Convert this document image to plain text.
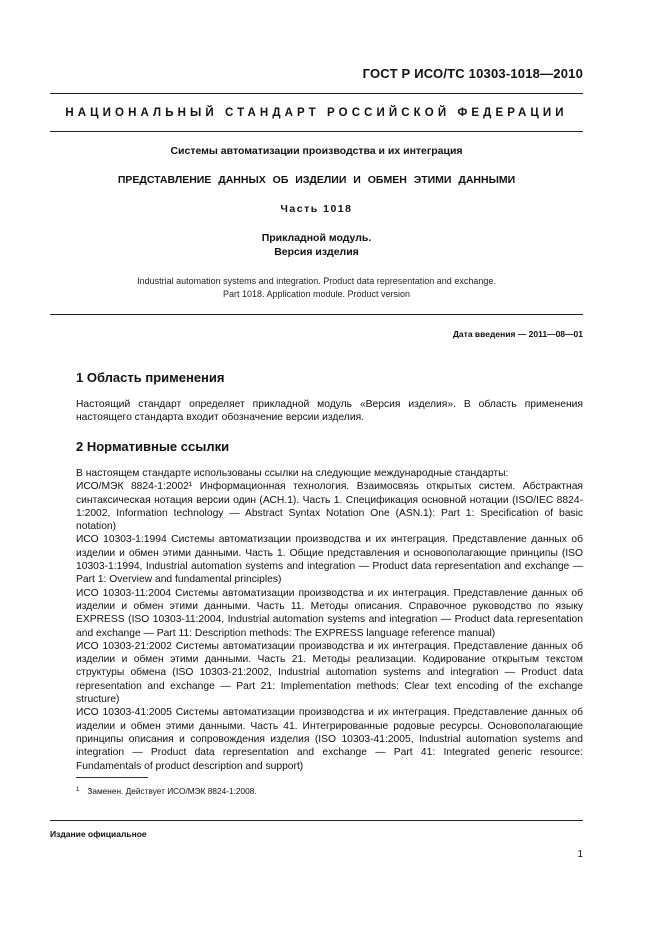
ГОСТ Р ИСО/ТС 10303-1018—2010
НАЦИОНАЛЬНЫЙ СТАНДАРТ РОССИЙСКОЙ ФЕДЕРАЦИИ
Системы автоматизации производства и их интеграция
ПРЕДСТАВЛЕНИЕ ДАННЫХ ОБ ИЗДЕЛИИ И ОБМЕН ЭТИМИ ДАННЫМИ
Часть 1018
Прикладной модуль.
Версия изделия
Industrial automation systems and integration. Product data representation and exchange.
Part 1018. Application module. Product version
Дата введения — 2011—08—01
1 Область применения

Настоящий стандарт определяет прикладной модуль «Версия изделия». В область применения настоящего стандарта входит обозначение версии изделия.

2 Нормативные ссылки

В настоящем стандарте использованы ссылки на следующие международные стандарты:

ИСО/МЭК 8824-1:2002¹ Информационная технология. Взаимосвязь открытых систем. Абстрактная синтаксическая нотация версии один (АСН.1). Часть 1. Спецификация основной нотации (ISO/IEC 8824-1:2002, Information technology — Abstract Syntax Notation One (ASN.1): Part 1: Specification of basic notation)

ИСО 10303-1:1994 Системы автоматизации производства и их интеграция. Представление данных об изделии и обмен этими данными. Часть 1. Общие представления и основополагающие принципы (ISO 10303-1:1994, Industrial automation systems and integration — Product data representation and exchange — Part 1: Overview and fundamental principles)

ИСО 10303-11:2004 Системы автоматизации производства и их интеграция. Представление данных об изделии и обмен этими данными. Часть 11. Методы описания. Справочное руководство по языку EXPRESS (ISO 10303-11:2004, Industrial automation systems and integration — Product data representation and exchange — Part 11: Description methods: The EXPRESS language reference manual)

ИСО 10303-21:2002 Системы автоматизации производства и их интеграция. Представление данных об изделии и обмен этими данными. Часть 21. Методы реализации. Кодирование открытым текстом структуры обмена (ISO 10303-21:2002, Industrial automation systems and integration — Product data representation and exchange — Part 21: Implementation methods: Clear text encoding of the exchange structure)

ИСО 10303-41:2005 Системы автоматизации производства и их интеграция. Представление данных об изделии и обмен этими данными. Часть 41. Интегрированные родовые ресурсы. Основополагающие принципы описания и сопровождения изделия (ISO 10303-41:2005, Industrial automation systems and integration — Product data representation and exchange — Part 41: Integrated generic resource: Fundamentals of product description and support)

$^1$ Заменен. Действует ИСО/МЭК 8824-1:2008.
Издание официальное
1
